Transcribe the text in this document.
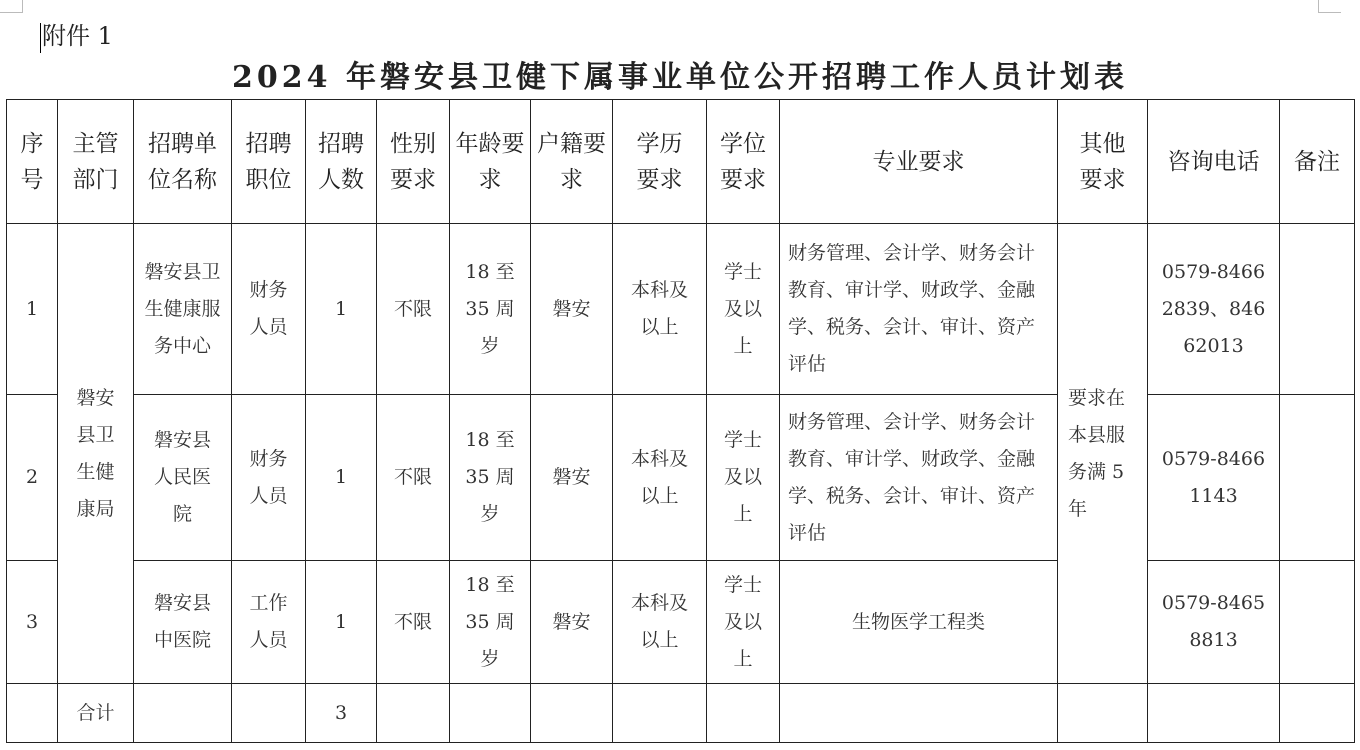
附件 1
2024 年磐安县卫健下属事业单位公开招聘工作人员计划表
序号	主管部门	招聘单位名称	招聘职位	招聘人数	性别要求	年龄要求	户籍要求	学历要求	学位要求	专业要求	其他要求	咨询电话	备注
1	磐安县卫生健康局	磐安县卫生健康服务中心	财务人员	1	不限	18 至 35 周岁	磐安	本科及以上	学士及以上	财务管理、会计学、财务会计教育、审计学、财政学、金融学、税务、会计、审计、资产评估	要求在本县服务满 5 年	0579-84662839、84662013	
2		磐安县人民医院	财务人员	1	不限	18 至 35 周岁	磐安	本科及以上	学士及以上	财务管理、会计学、财务会计教育、审计学、财政学、金融学、税务、会计、审计、资产评估		0579-84661143	
3		磐安县中医院	工作人员	1	不限	18 至 35 周岁	磐安	本科及以上	学士及以上	生物医学工程类		0579-84658813	
	合计			3									
